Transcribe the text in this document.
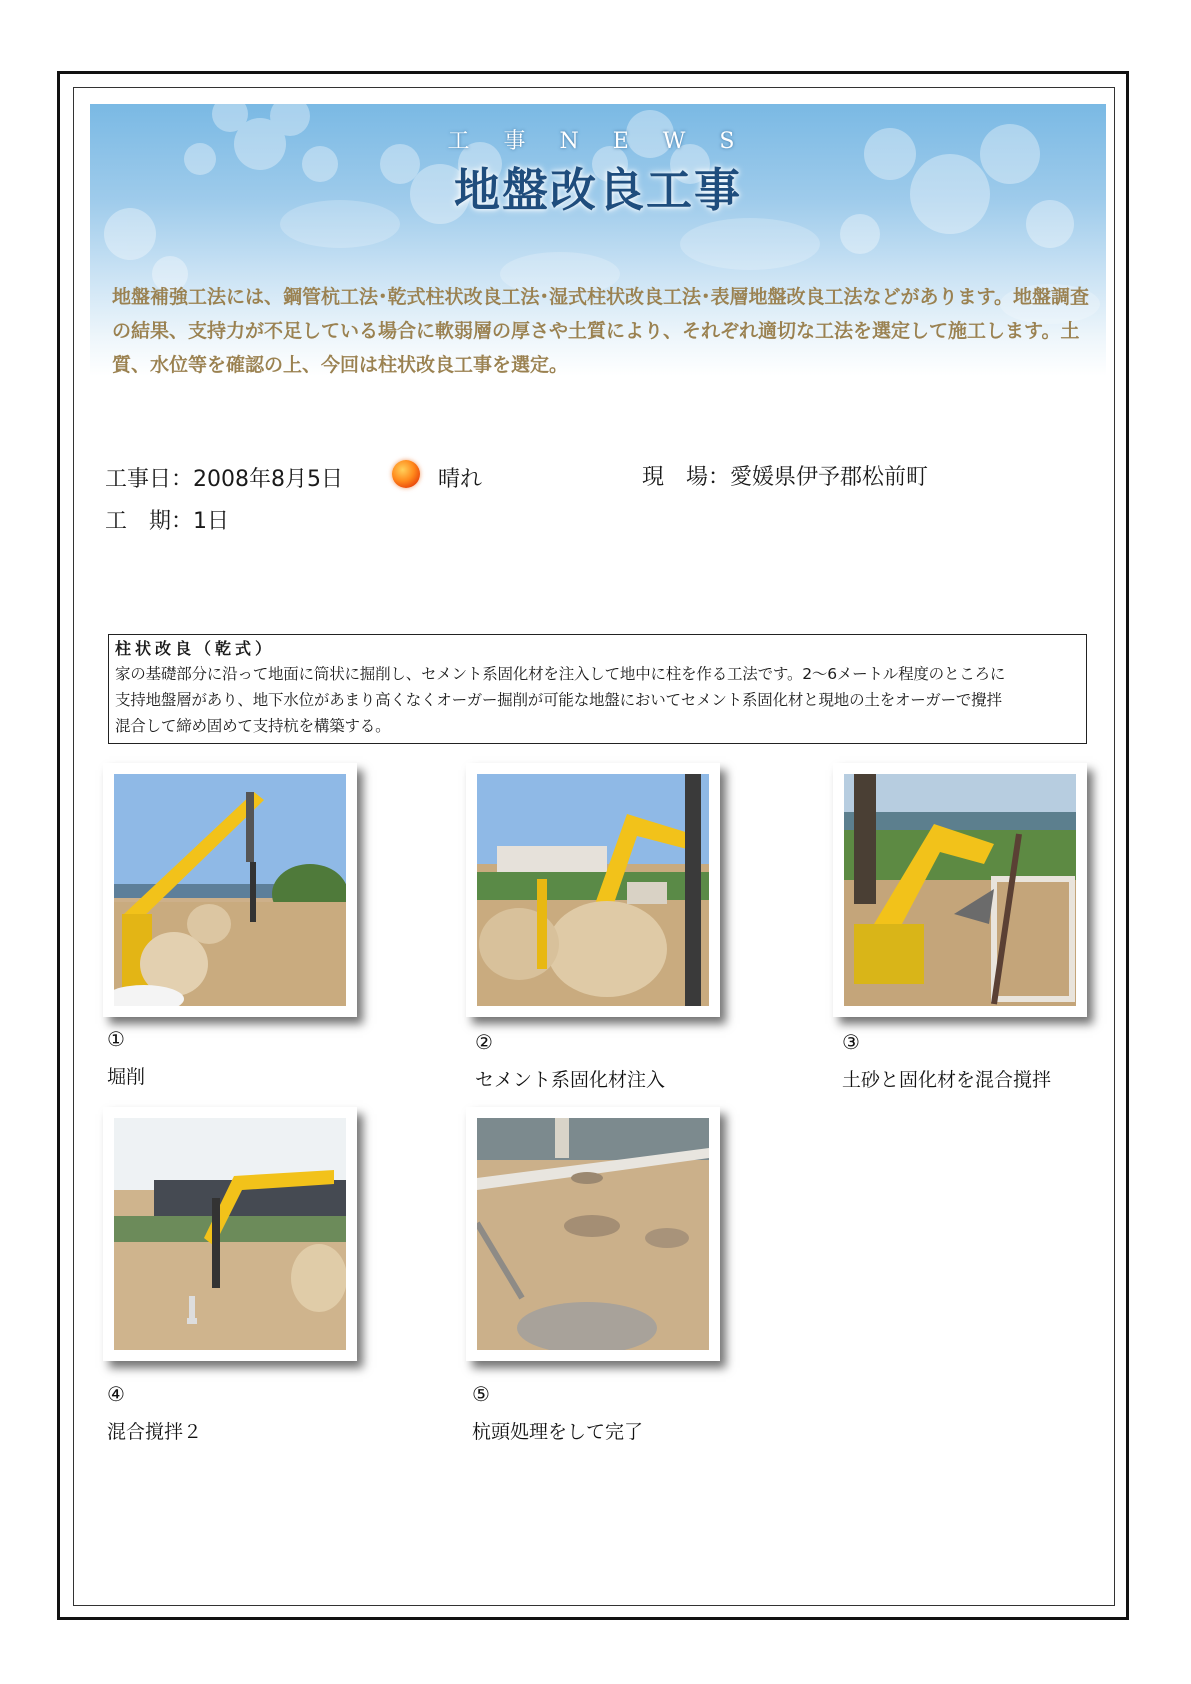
工事NEWS
地盤改良工事
地盤補強工法には、鋼管杭工法･乾式柱状改良工法･湿式柱状改良工法･表層地盤改良工法などがあります。地盤調査の結果、支持力が不足している場合に軟弱層の厚さや土質により、それぞれ適切な工法を選定して施工します。土質、水位等を確認の上、今回は柱状改良工事を選定。
工事日：2008年8月5日	晴れ	現　場：愛媛県伊予郡松前町
工　期：1日
柱状改良（乾式）
家の基礎部分に沿って地面に筒状に掘削し、セメント系固化材を注入して地中に柱を作る工法です。2～6メートル程度のところに
支持地盤層があり、地下水位があまり高くなくオーガー掘削が可能な地盤においてセメント系固化材と現地の土をオーガーで攪拌
混合して締め固めて支持杭を構築する。
①
堀削
②
セメント系固化材注入
③
土砂と固化材を混合撹拌
④
混合撹拌２
⑤
杭頭処理をして完了
